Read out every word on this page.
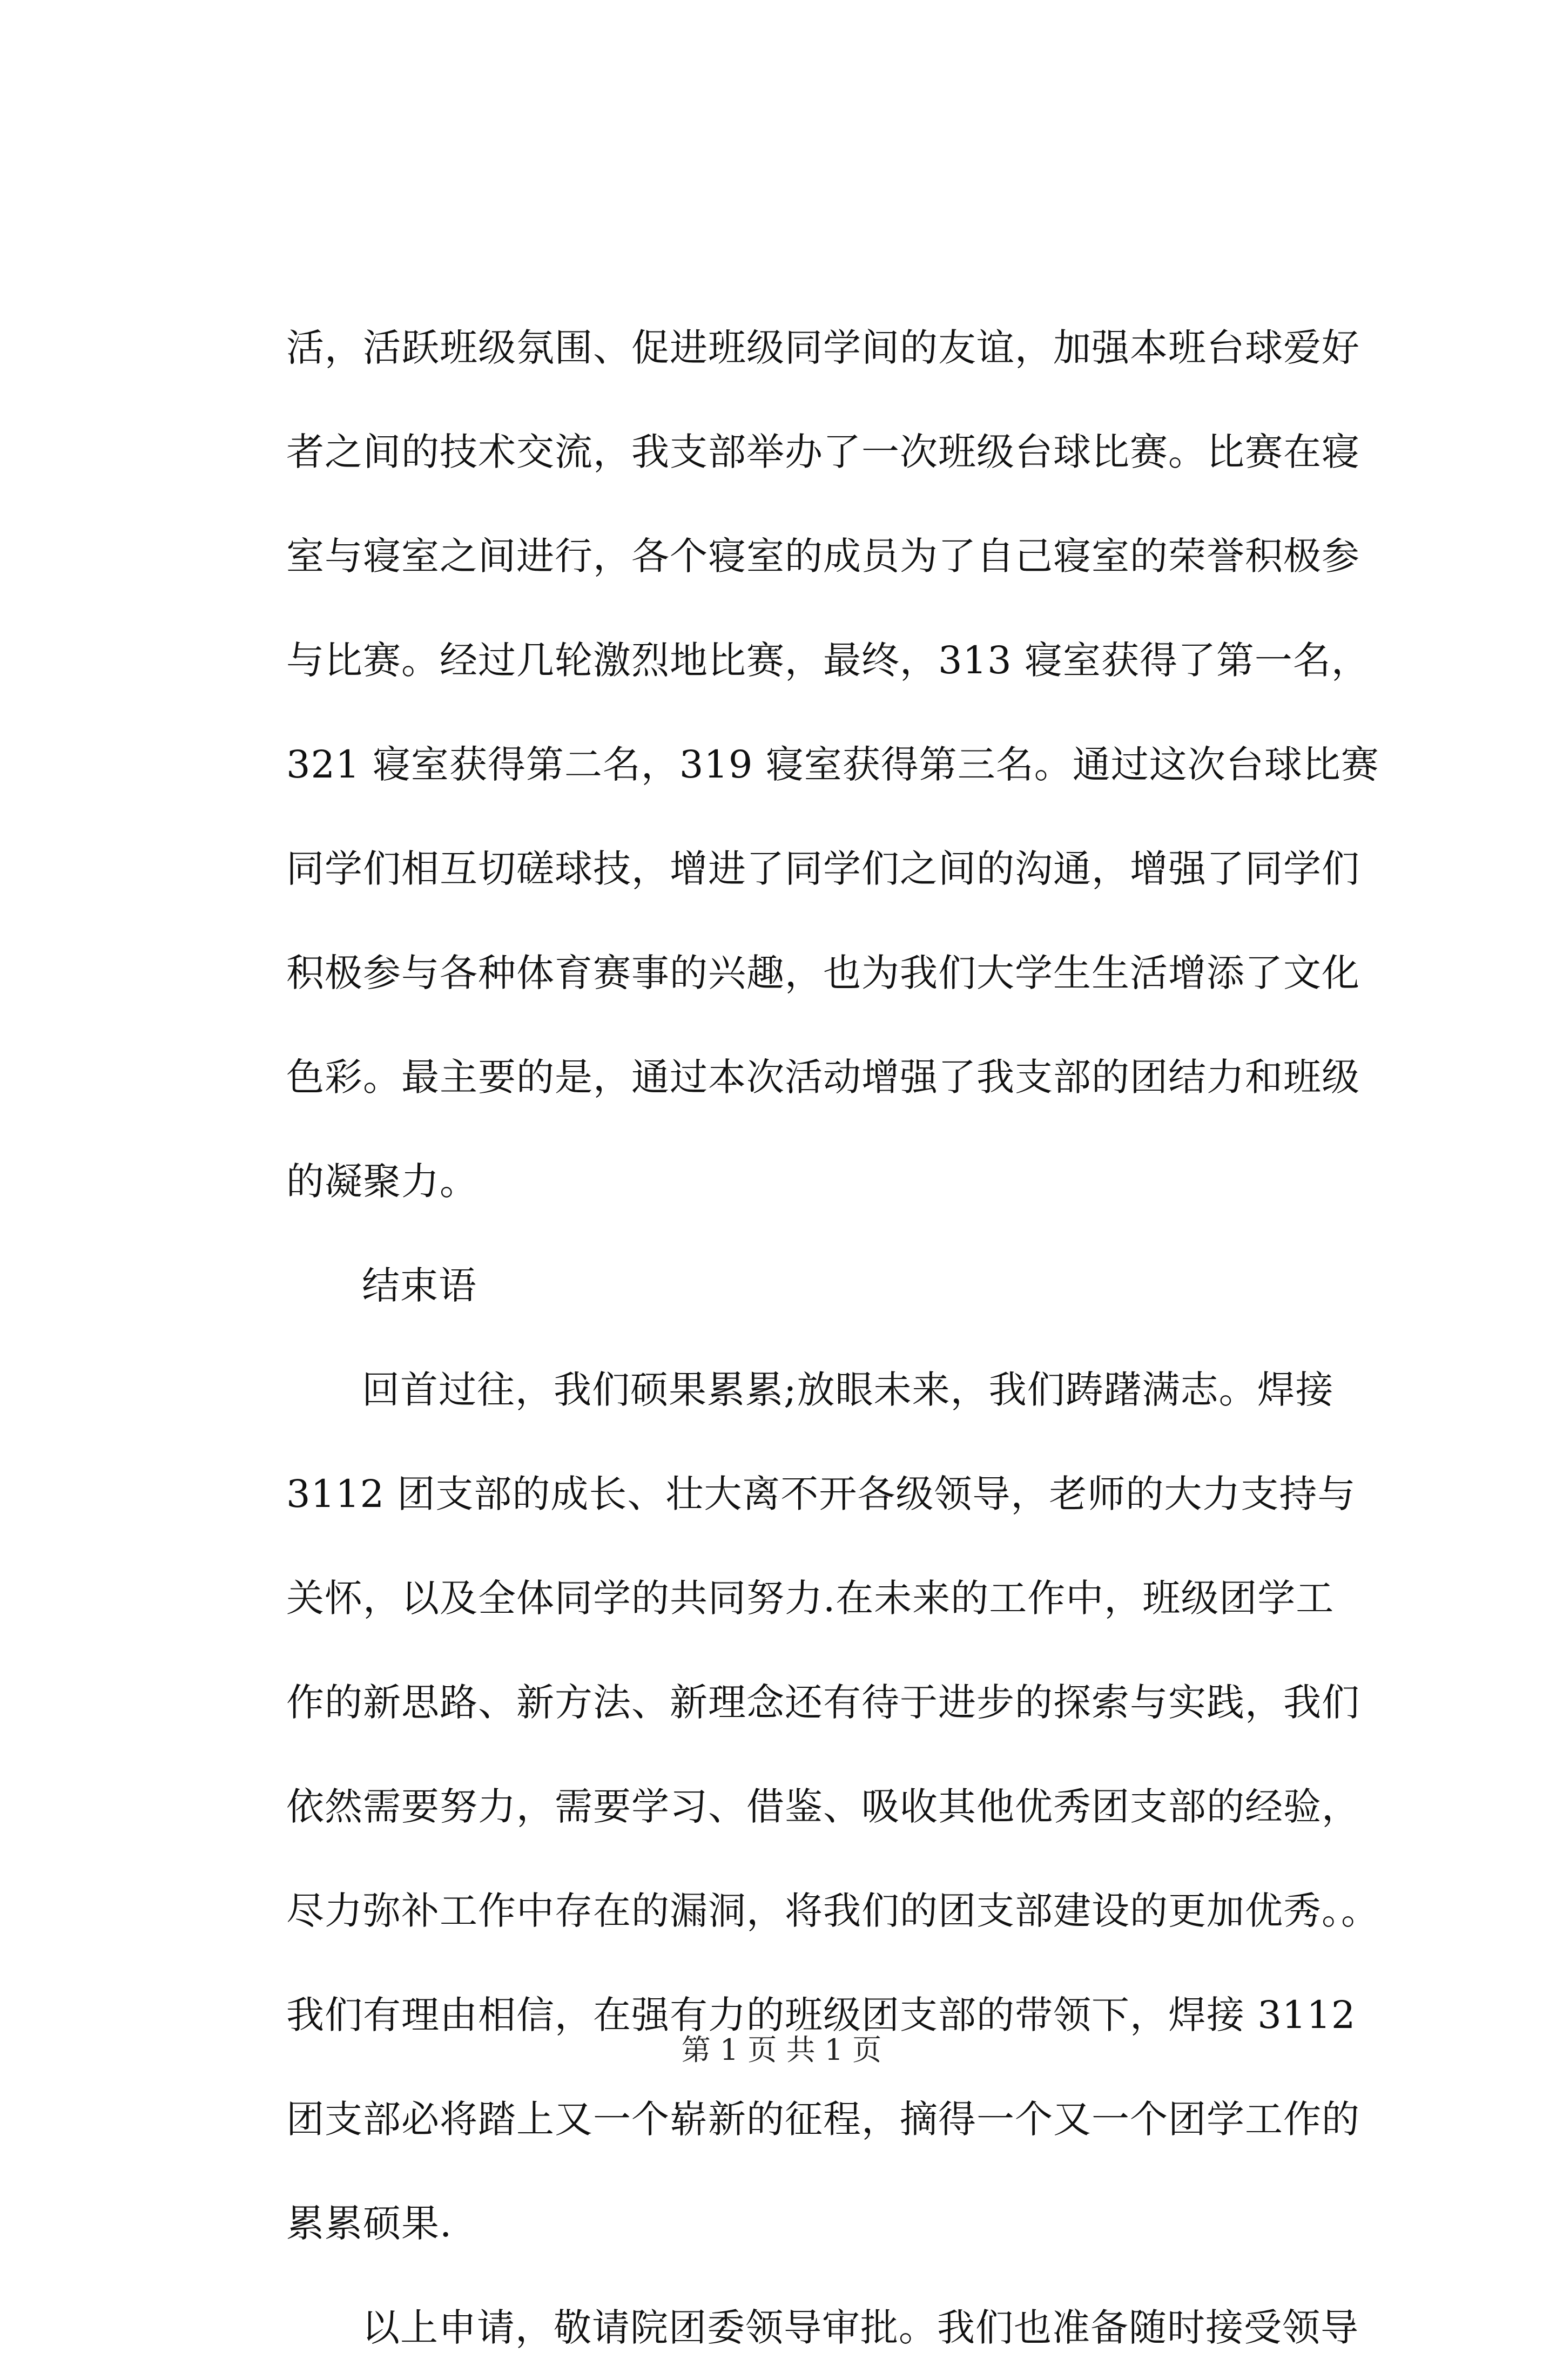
活，活跃班级氛围、促进班级同学间的友谊，加强本班台球爱好
者之间的技术交流，我支部举办了一次班级台球比赛。比赛在寝
室与寝室之间进行，各个寝室的成员为了自己寝室的荣誉积极参
与比赛。经过几轮激烈地比赛，最终，313 寝室获得了第一名，
321 寝室获得第二名，319 寝室获得第三名。通过这次台球比赛
同学们相互切磋球技，增进了同学们之间的沟通，增强了同学们
积极参与各种体育赛事的兴趣，也为我们大学生生活增添了文化
色彩。最主要的是，通过本次活动增强了我支部的团结力和班级
的凝聚力。
结束语
回首过往，我们硕果累累;放眼未来，我们踌躇满志。焊接
3112 团支部的成长、壮大离不开各级领导，老师的大力支持与
关怀，以及全体同学的共同努力.在未来的工作中，班级团学工
作的新思路、新方法、新理念还有待于进步的探索与实践，我们
依然需要努力，需要学习、借鉴、吸收其他优秀团支部的经验，
尽力弥补工作中存在的漏洞，将我们的团支部建设的更加优秀。。
我们有理由相信，在强有力的班级团支部的带领下，焊接 3112
团支部必将踏上又一个崭新的征程，摘得一个又一个团学工作的
累累硕果.
以上申请，敬请院团委领导审批。我们也准备随时接受领导
第 1 页 共 1 页
